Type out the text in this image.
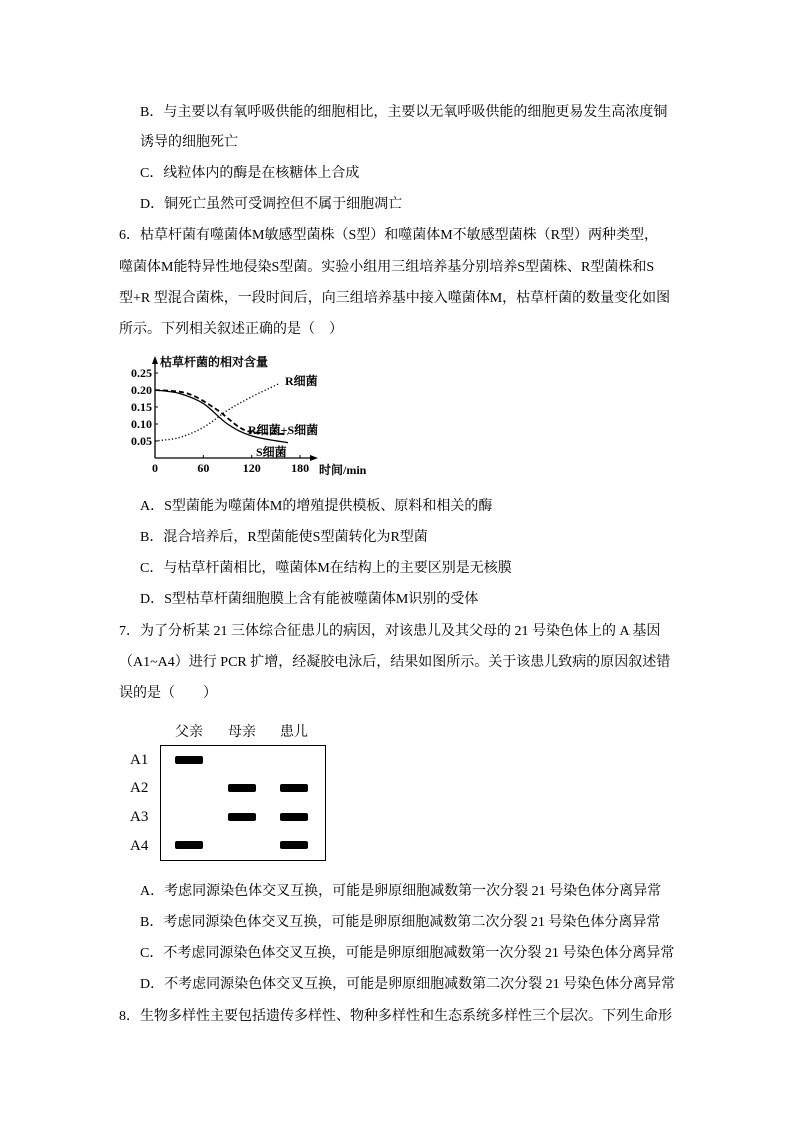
B．与主要以有氧呼吸供能的细胞相比，主要以无氧呼吸供能的细胞更易发生高浓度铜
诱导的细胞死亡
C．线粒体内的酶是在核糖体上合成
D．铜死亡虽然可受调控但不属于细胞凋亡
6．枯草杆菌有噬菌体M敏感型菌株（S型）和噬菌体M不敏感型菌株（R型）两种类型，
噬菌体M能特异性地侵染S型菌。实验小组用三组培养基分别培养S型菌株、R型菌株和S
型+R 型混合菌株，一段时间后，向三组培养基中接入噬菌体M，枯草杆菌的数量变化如图
所示。下列相关叙述正确的是（　）
枯草杆菌的相对含量
时间/min
0.25
0.20
0.15
0.10
0.05
0	60	120	180
R细菌
R细菌+S细菌
S细菌
A．S型菌能为噬菌体M的增殖提供模板、原料和相关的酶
B．混合培养后，R型菌能使S型菌转化为R型菌
C．与枯草杆菌相比，噬菌体M在结构上的主要区别是无核膜
D．S型枯草杆菌细胞膜上含有能被噬菌体M识别的受体
7．为了分析某 21 三体综合征患儿的病因，对该患儿及其父母的 21 号染色体上的 A 基因
（A1~A4）进行 PCR 扩增，经凝胶电泳后，结果如图所示。关于该患儿致病的原因叙述错
误的是（　　）
父亲 母亲 患儿
A1
A2
A3
A4
A．考虑同源染色体交叉互换，可能是卵原细胞减数第一次分裂 21 号染色体分离异常
B．考虑同源染色体交叉互换，可能是卵原细胞减数第二次分裂 21 号染色体分离异常
C．不考虑同源染色体交叉互换，可能是卵原细胞减数第一次分裂 21 号染色体分离异常
D．不考虑同源染色体交叉互换，可能是卵原细胞减数第二次分裂 21 号染色体分离异常
8．生物多样性主要包括遗传多样性、物种多样性和生态系统多样性三个层次。下列生命形
